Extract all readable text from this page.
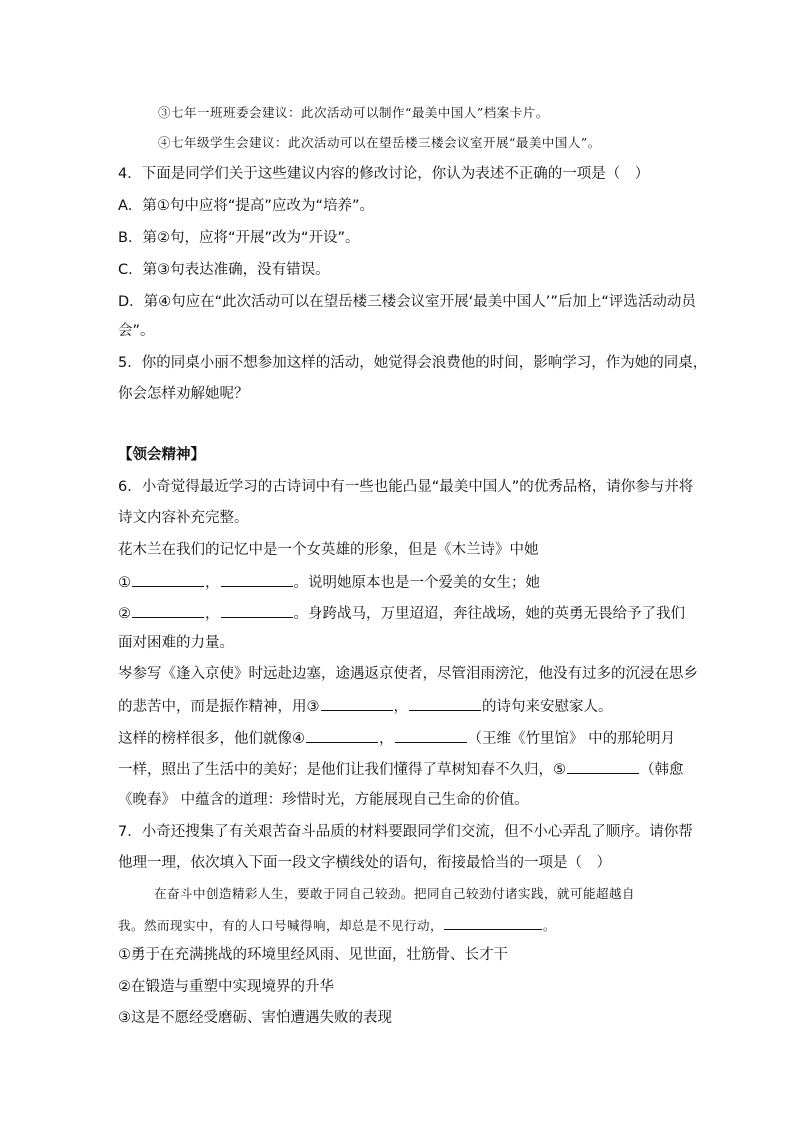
③七年一班班委会建议：此次活动可以制作“最美中国人”档案卡片。
④七年级学生会建议：此次活动可以在望岳楼三楼会议室开展“最美中国人”。
4．下面是同学们关于这些建议内容的修改讨论，你认为表述不正确的一项是（　）
A．第①句中应将“提高”应改为“培养”。
B．第②句，应将“开展”改为“开设”。
C．第③句表达准确，没有错误。
D．第④句应在“此次活动可以在望岳楼三楼会议室开展‘最美中国人’”后加上“评选活动动员
会”。
5．你的同桌小丽不想参加这样的活动，她觉得会浪费他的时间，影响学习，作为她的同桌，
你会怎样劝解她呢？
【领会精神】
6．小奇觉得最近学习的古诗词中有一些也能凸显“最美中国人”的优秀品格，请你参与并将
诗文内容补充完整。
花木兰在我们的记忆中是一个女英雄的形象，但是《木兰诗》中她
①	，	。说明她原本也是一个爱美的女生；她
②	，	。身跨战马，万里迢迢，奔往战场，她的英勇无畏给予了我们
面对困难的力量。
岑参写《逢入京使》时远赴边塞，途遇返京使者，尽管泪雨滂沱，他没有过多的沉浸在思乡
的悲苦中，而是振作精神，用③	，	的诗句来安慰家人。
这样的榜样很多，他们就像④	，	（王维《竹里馆》 中的那轮明月
一样，照出了生活中的美好；是他们让我们懂得了草树知春不久归，⑤	（韩愈
《晚春》 中蕴含的道理：珍惜时光，方能展现自己生命的价值。
7．小奇还搜集了有关艰苦奋斗品质的材料要跟同学们交流，但不小心弄乱了顺序。请你帮
他理一理，依次填入下面一段文字横线处的语句，衔接最恰当的一项是（　）
在奋斗中创造精彩人生，要敢于同自己较劲。把同自己较劲付诸实践，就可能超越自
我。然而现实中，有的人口号喊得响，却总是不见行动，	。
①勇于在充满挑战的环境里经风雨、见世面，壮筋骨、长才干
②在锻造与重塑中实现境界的升华
③这是不愿经受磨砺、害怕遭遇失败的表现
